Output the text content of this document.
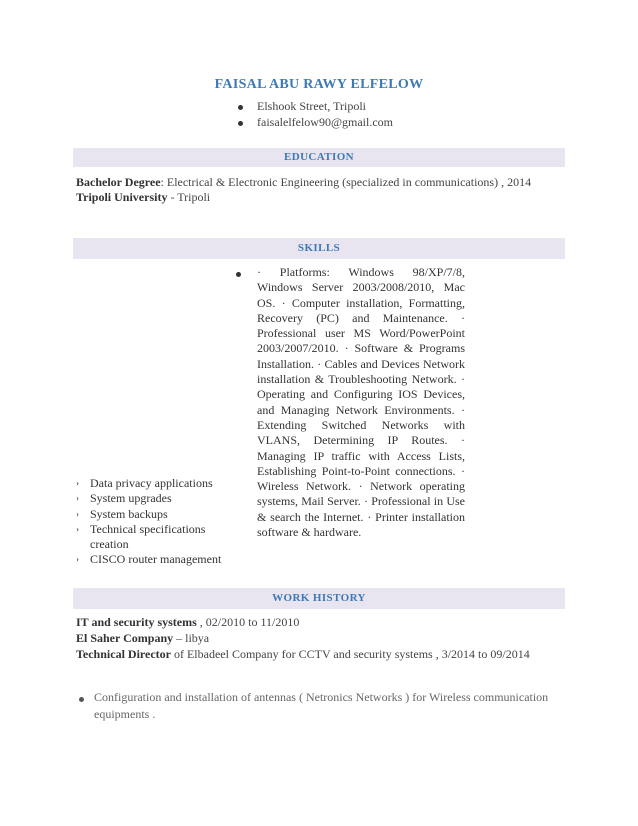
FAISAL ABU RAWY ELFELOW
Elshook Street, Tripoli
faisalelfelow90@gmail.com
EDUCATION
Bachelor Degree: Electrical & Electronic Engineering (specialized in communications) , 2014
Tripoli University - Tripoli
SKILLS
› Data privacy applications
› System upgrades
› System backups
› Technical specifications creation
› CISCO router management
· Platforms: Windows 98/XP/7/8, Windows Server 2003/2008/2010, Mac OS. · Computer installation, Formatting, Recovery (PC) and Maintenance. · Professional user MS Word/PowerPoint 2003/2007/2010. · Software & Programs Installation. · Cables and Devices Network installation & Troubleshooting Network. · Operating and Configuring IOS Devices, and Managing Network Environments. · Extending Switched Networks with VLANS, Determining IP Routes. · Managing IP traffic with Access Lists, Establishing Point-to-Point connections. · Wireless Network. · Network operating systems, Mail Server. · Professional in Use & search the Internet. · Printer installation software & hardware.
WORK HISTORY
IT and security systems , 02/2010 to 11/2010
El Saher Company – libya
Technical Director of Elbadeel Company for CCTV and security systems , 3/2014 to 09/2014
Configuration and installation of antennas ( Netronics Networks ) for Wireless communication equipments .
